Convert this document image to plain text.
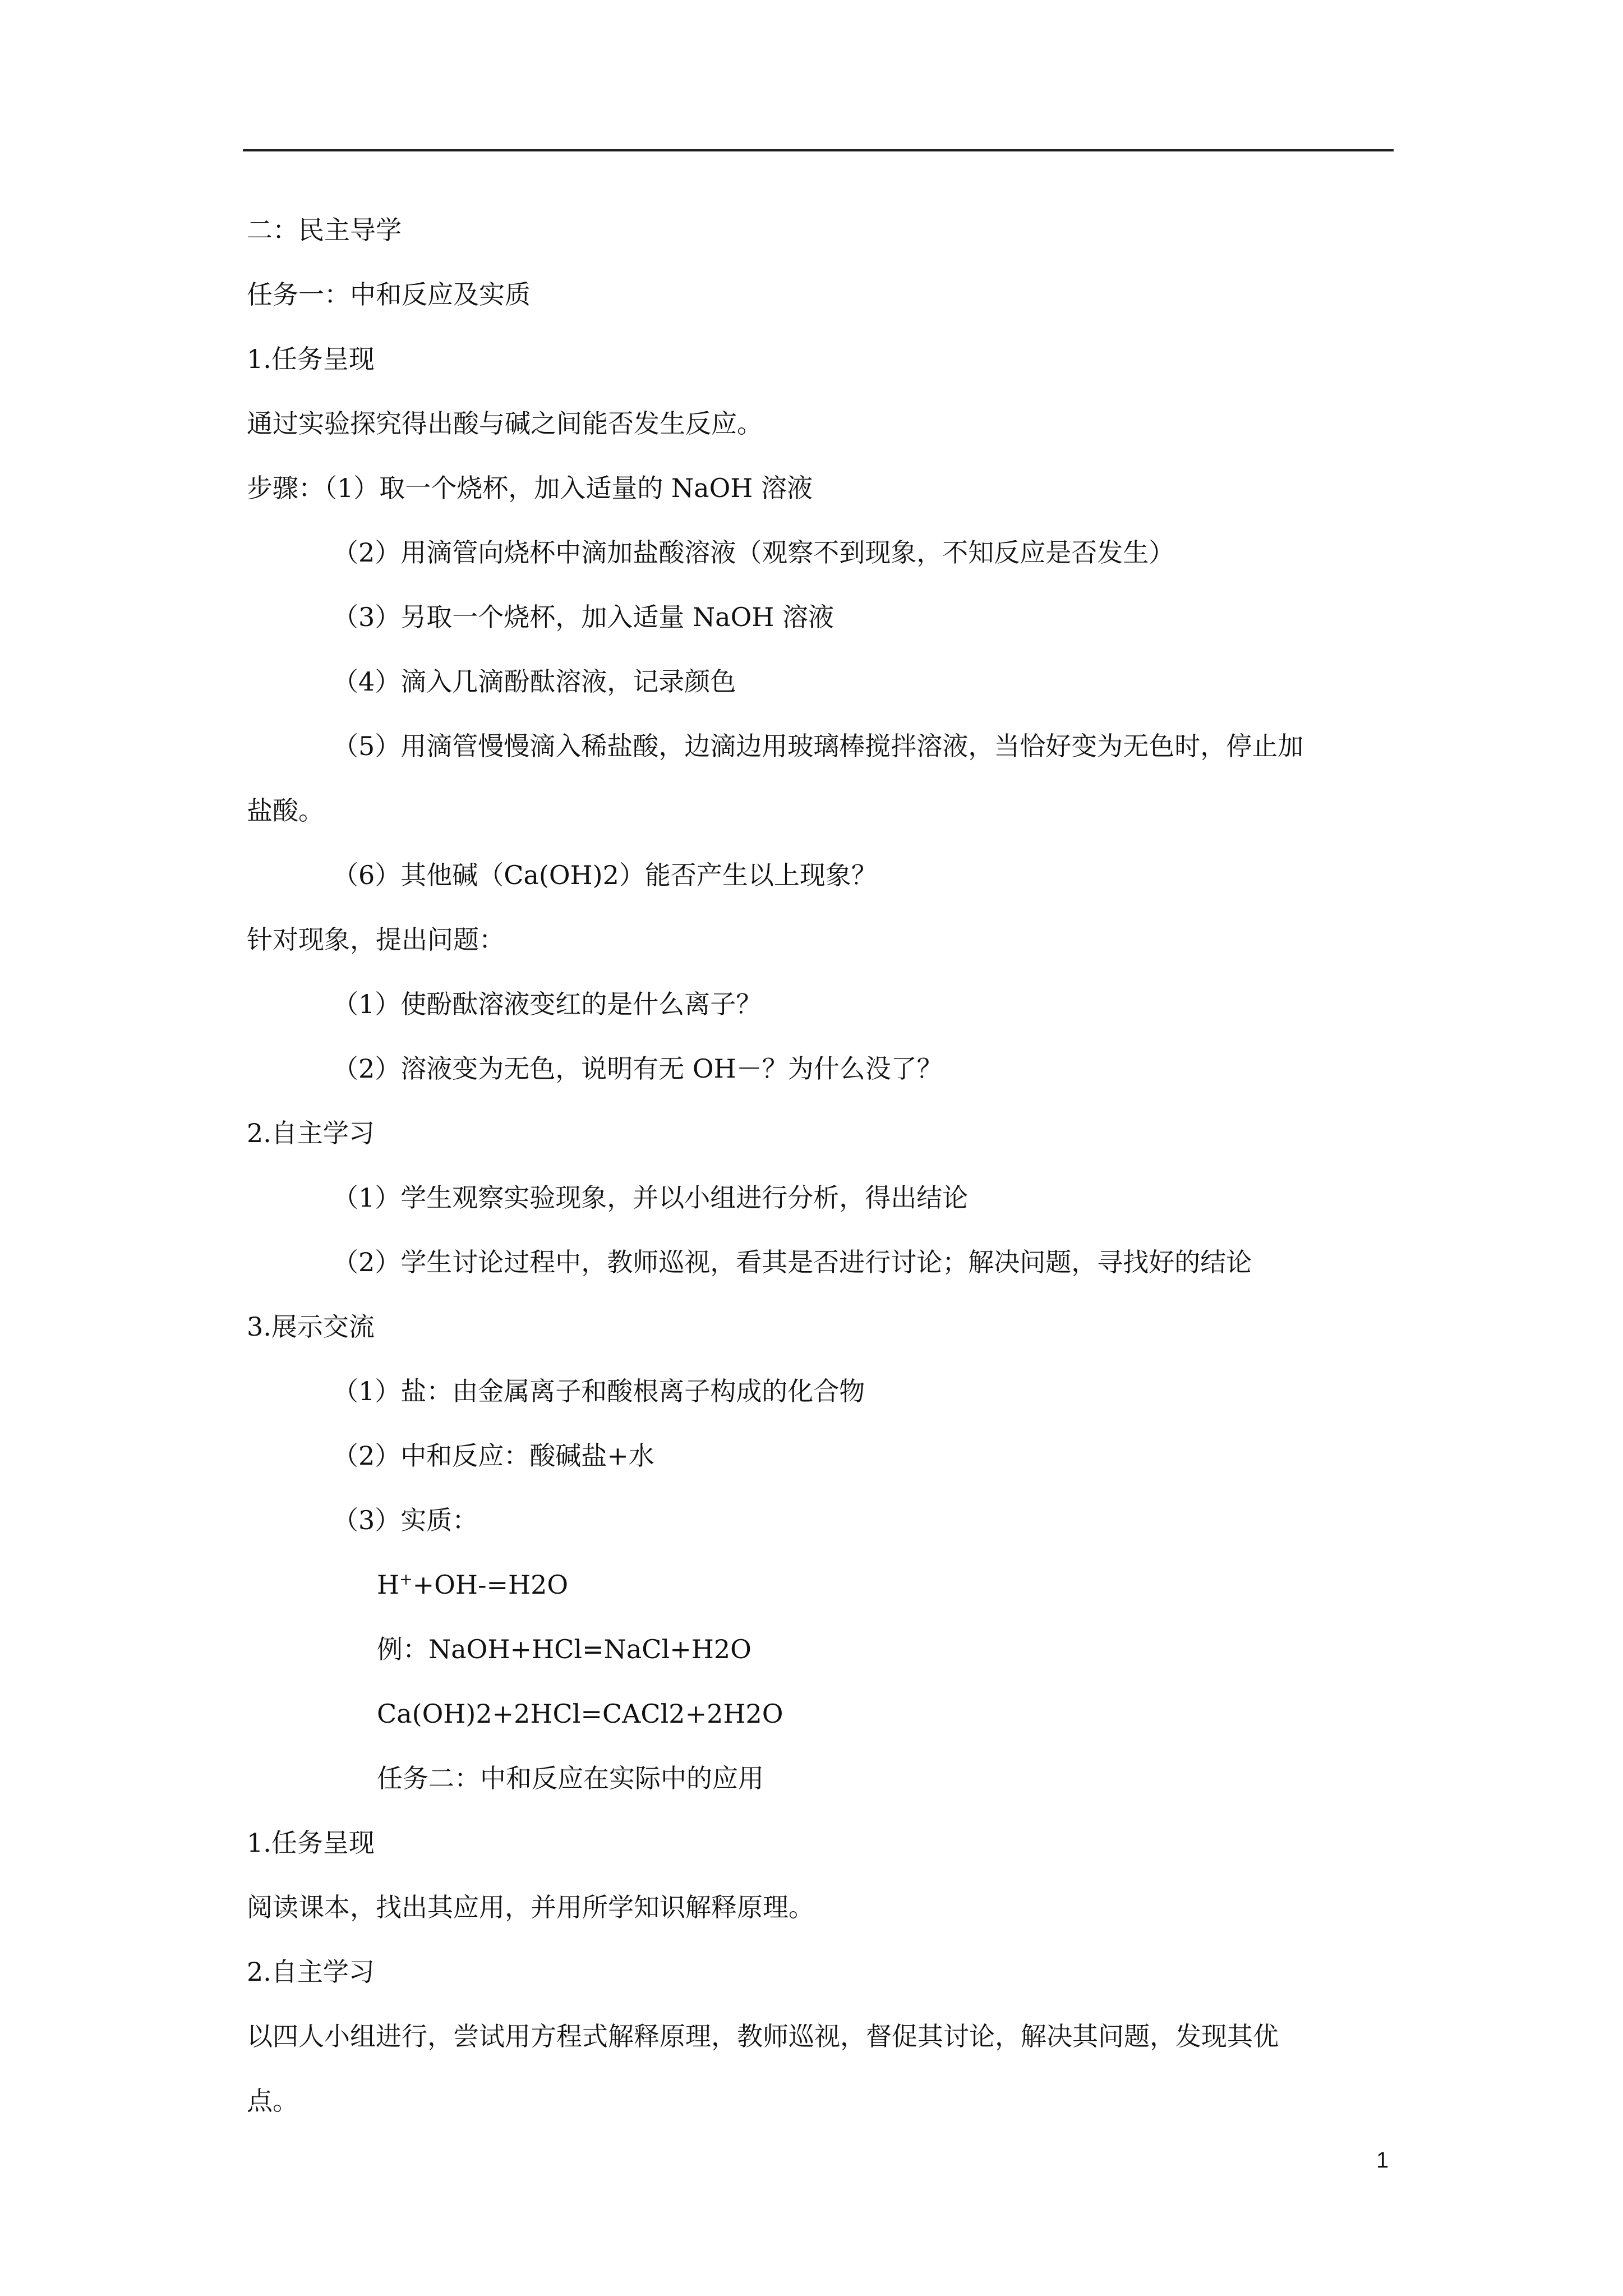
二：民主导学
任务一：中和反应及实质
1.任务呈现
通过实验探究得出酸与碱之间能否发生反应。
步骤：（1）取一个烧杯，加入适量的 NaOH 溶液
（2）用滴管向烧杯中滴加盐酸溶液（观察不到现象，不知反应是否发生）
（3）另取一个烧杯，加入适量 NaOH 溶液
（4）滴入几滴酚酞溶液，记录颜色
（5）用滴管慢慢滴入稀盐酸，边滴边用玻璃棒搅拌溶液，当恰好变为无色时，停止加
盐酸。
（6）其他碱（Ca(OH)2）能否产生以上现象？
针对现象，提出问题：
（1）使酚酞溶液变红的是什么离子？
（2）溶液变为无色，说明有无 OH－？为什么没了？
2.自主学习
（1）学生观察实验现象，并以小组进行分析，得出结论
（2）学生讨论过程中，教师巡视，看其是否进行讨论；解决问题，寻找好的结论
3.展示交流
（1）盐：由金属离子和酸根离子构成的化合物
（2）中和反应：酸碱盐+水
（3）实质：
H++OH-=H2O
例：NaOH+HCl=NaCl+H2O
Ca(OH)2+2HCl=CACl2+2H2O
任务二：中和反应在实际中的应用
1.任务呈现
阅读课本，找出其应用，并用所学知识解释原理。
2.自主学习
以四人小组进行，尝试用方程式解释原理，教师巡视，督促其讨论，解决其问题，发现其优
点。
1
